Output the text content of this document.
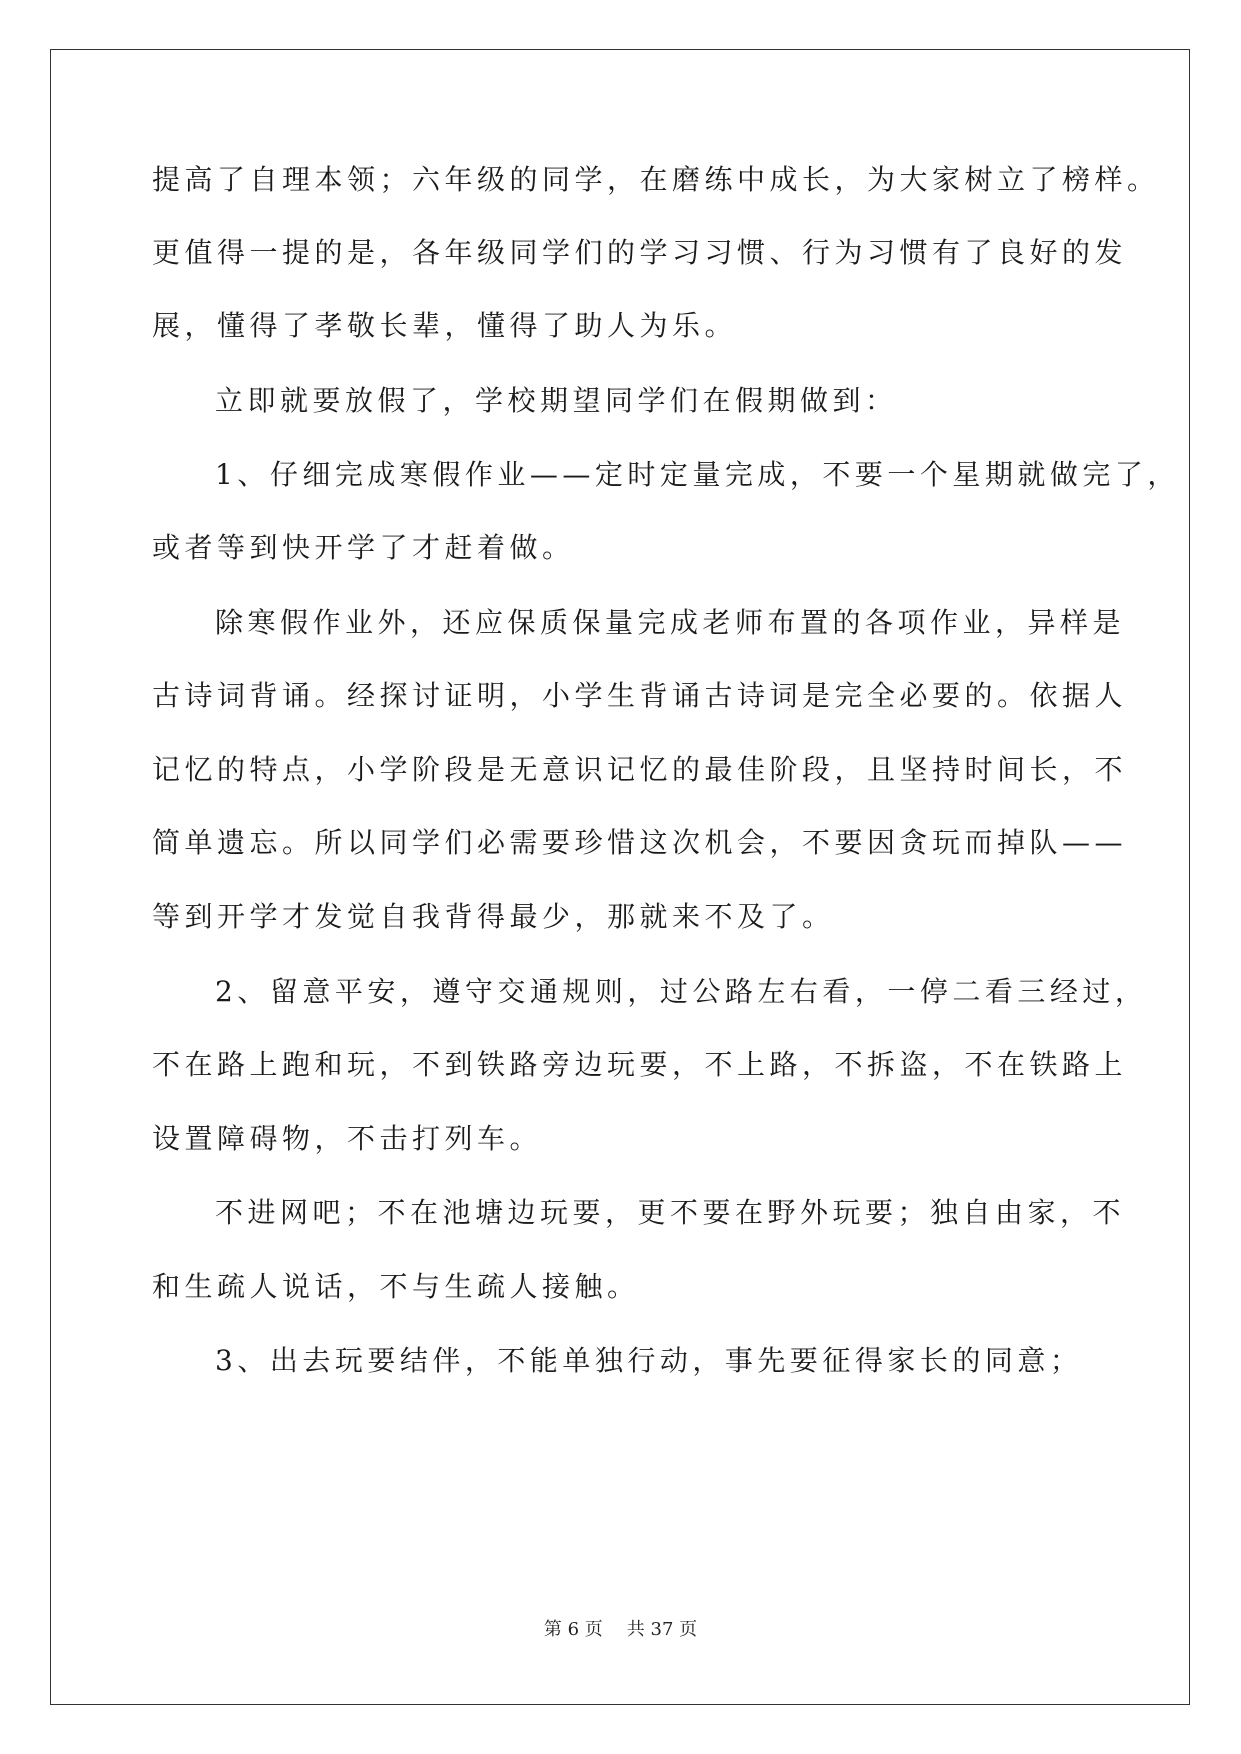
提高了自理本领；六年级的同学，在磨练中成长，为大家树立了榜样。
更值得一提的是，各年级同学们的学习习惯、行为习惯有了良好的发
展，懂得了孝敬长辈，懂得了助人为乐。
立即就要放假了，学校期望同学们在假期做到：
1、仔细完成寒假作业——定时定量完成，不要一个星期就做完了，
或者等到快开学了才赶着做。
除寒假作业外，还应保质保量完成老师布置的各项作业，异样是
古诗词背诵。经探讨证明，小学生背诵古诗词是完全必要的。依据人
记忆的特点，小学阶段是无意识记忆的最佳阶段，且坚持时间长，不
简单遗忘。所以同学们必需要珍惜这次机会，不要因贪玩而掉队——
等到开学才发觉自我背得最少，那就来不及了。
2、留意平安，遵守交通规则，过公路左右看，一停二看三经过，
不在路上跑和玩，不到铁路旁边玩要，不上路，不拆盗，不在铁路上
设置障碍物，不击打列车。
不进网吧；不在池塘边玩要，更不要在野外玩要；独自由家，不
和生疏人说话，不与生疏人接触。
3、出去玩要结伴，不能单独行动，事先要征得家长的同意；
第 6 页 共 37 页
